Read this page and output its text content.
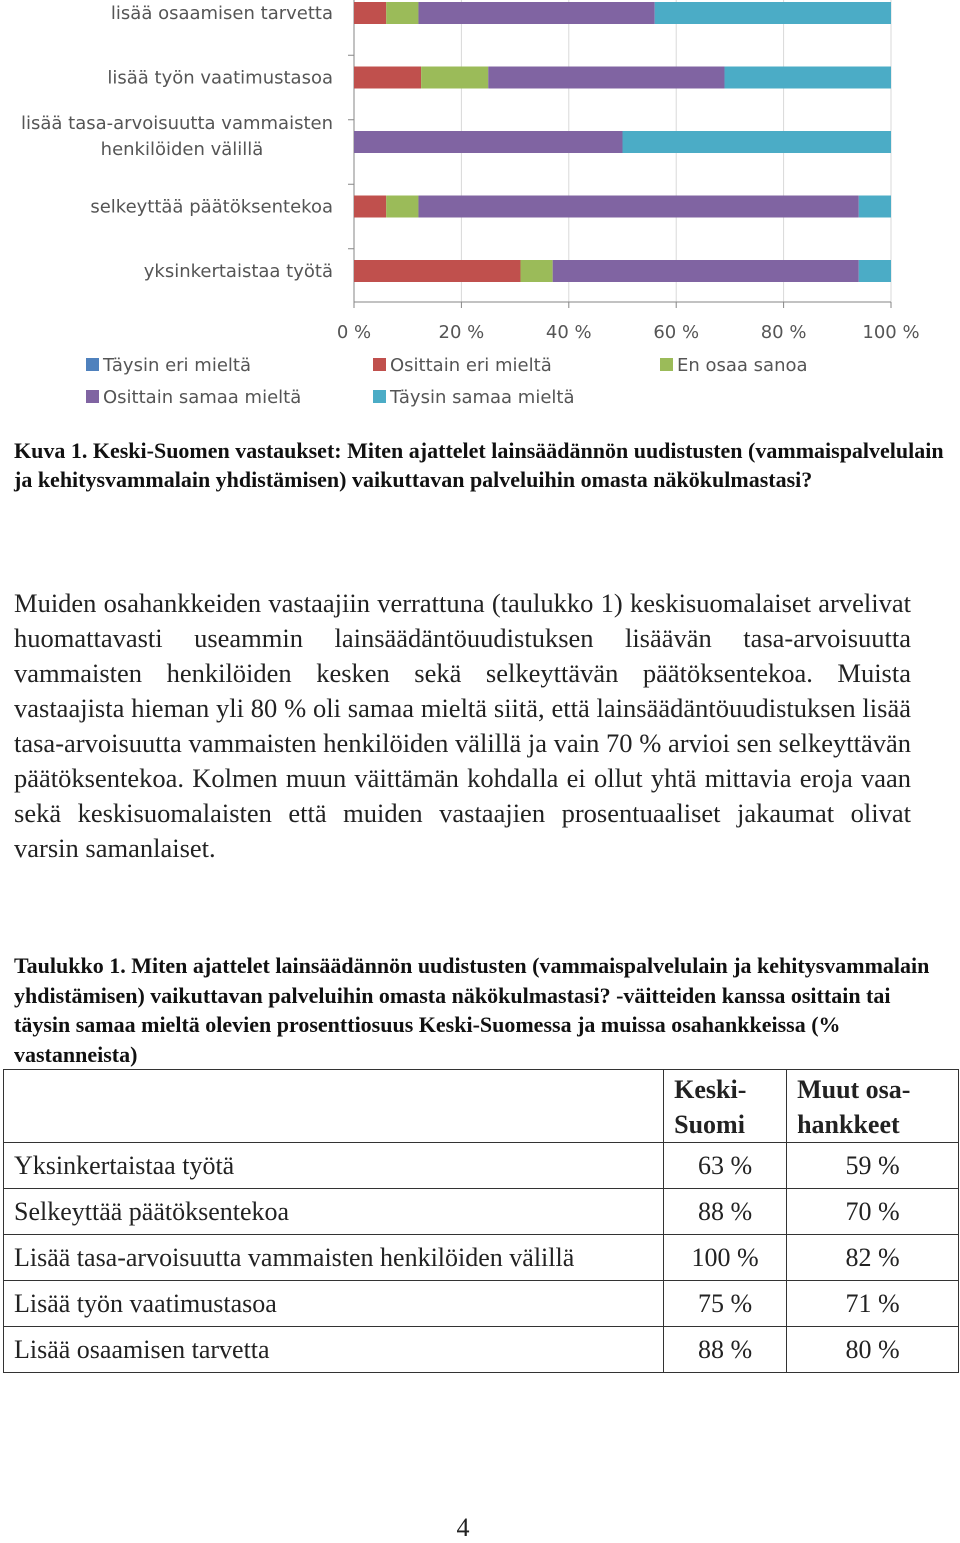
0 %	20 %	40 %	60 %	80 %	100 %
lisää osaamisen tarvetta
lisää työn vaatimustasoa
lisää tasa-arvoisuutta vammaisten
henkilöiden välillä
selkeyttää päätöksentekoa
yksinkertaistaa työtä
Täysin eri mieltä	Osittain eri mieltä	En osaa sanoa
Osittain samaa mieltä	Täysin samaa mieltä
Kuva 1. Keski-Suomen vastaukset: Miten ajattelet lainsäädännön uudistusten (vammaispalvelulain ja kehitysvammalain yhdistämisen) vaikuttavan palveluihin omasta näkökulmastasi?
Muiden osahankkeiden vastaajiin verrattuna (taulukko 1) keskisuomalaiset arvelivat huomattavasti useammin lainsäädäntöuudistuksen lisäävän tasa-arvoisuutta vammaisten henkilöiden kesken sekä selkeyttävän päätöksentekoa. Muista vastaajista hieman yli 80 % oli samaa mieltä siitä, että lainsäädäntöuudistuksen lisää tasa-arvoisuutta vammaisten henkilöiden välillä ja vain 70 % arvioi sen selkeyttävän päätöksentekoa. Kolmen muun väittämän kohdalla ei ollut yhtä mittavia eroja vaan sekä keskisuomalaisten että muiden vastaajien prosentuaaliset jakaumat olivat varsin samanlaiset.
Taulukko 1. Miten ajattelet lainsäädännön uudistusten (vammaispalvelulain ja kehitysvammalain yhdistämisen) vaikuttavan palveluihin omasta näkökulmastasi? -väitteiden kanssa osittain tai täysin samaa mieltä olevien prosenttiosuus Keski-Suomessa ja muissa osahankkeissa (% vastanneista)
	Keski-Suomi	Muut osa-hankkeet
Yksinkertaistaa työtä	63 %	59 %
Selkeyttää päätöksentekoa	88 %	70 %
Lisää tasa-arvoisuutta vammaisten henkilöiden välillä	100 %	82 %
Lisää työn vaatimustasoa	75 %	71 %
Lisää osaamisen tarvetta	88 %	80 %
4
